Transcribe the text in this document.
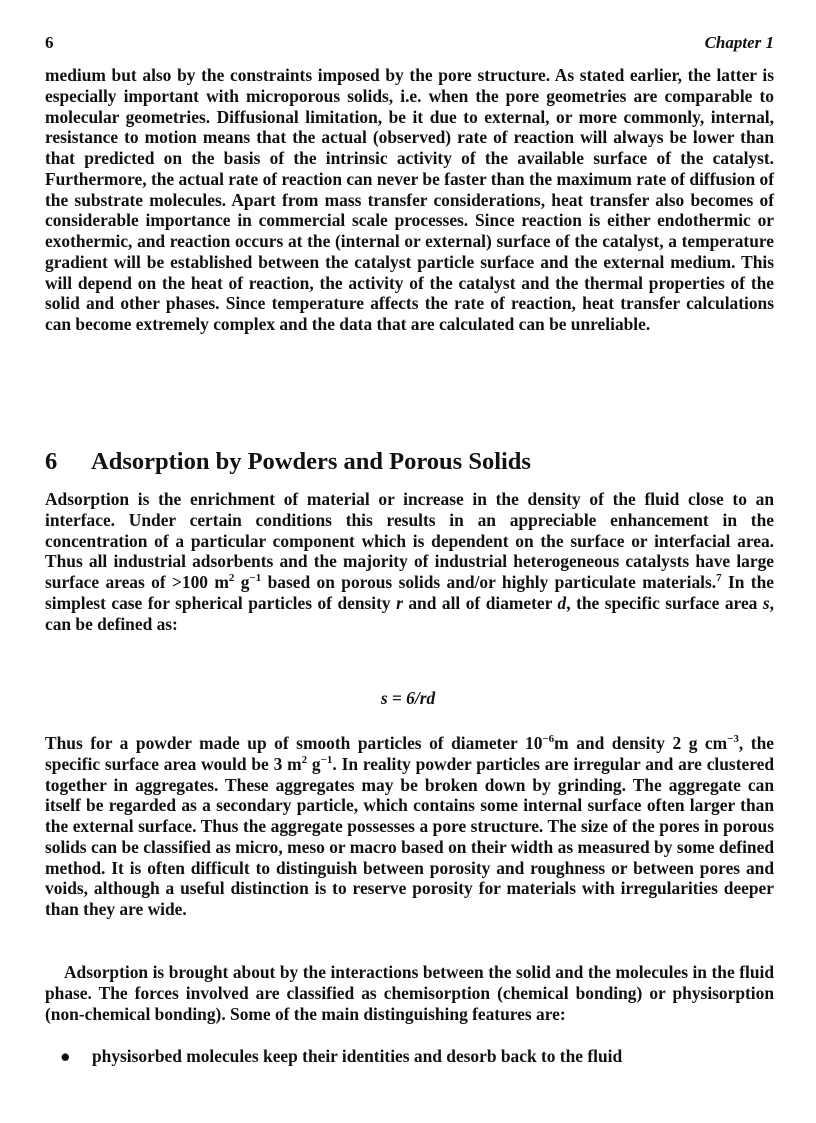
6	Chapter 1

medium but also by the constraints imposed by the pore structure. As stated earlier, the latter is especially important with microporous solids, i.e. when the pore geometries are comparable to molecular geometries. Diffusional limitation, be it due to external, or more commonly, internal, resistance to motion means that the actual (observed) rate of reaction will always be lower than that predicted on the basis of the intrinsic activity of the available surface of the catalyst. Furthermore, the actual rate of reaction can never be faster than the maximum rate of diffusion of the substrate molecules. Apart from mass transfer considerations, heat transfer also becomes of considerable importance in commercial scale processes. Since reaction is either endothermic or exothermic, and reaction occurs at the (internal or external) surface of the catalyst, a temperature gradient will be established between the catalyst particle surface and the external medium. This will depend on the heat of reaction, the activity of the catalyst and the thermal properties of the solid and other phases. Since temperature affects the rate of reaction, heat transfer calculations can become extremely complex and the data that are calculated can be unreliable.

6 Adsorption by Powders and Porous Solids

Adsorption is the enrichment of material or increase in the density of the fluid close to an interface. Under certain conditions this results in an appreciable enhancement in the concentration of a particular component which is dependent on the surface or interfacial area. Thus all industrial adsorbents and the majority of industrial heterogeneous catalysts have large surface areas of >100 $m^2$ $g^{-1}$ based on porous solids and/or highly particulate materials.$^7$ In the simplest case for spherical particles of density r and all of diameter d, the specific surface area s, can be defined as:

s = 6/rd

Thus for a powder made up of smooth particles of diameter $10^{-6}m$ and density 2 g $cm^{-3}$, the specific surface area would be 3 $m^2$ $g^{-1}$. In reality powder particles are irregular and are clustered together in aggregates. These aggregates may be broken down by grinding. The aggregate can itself be regarded as a secondary particle, which contains some internal surface often larger than the external surface. Thus the aggregate possesses a pore structure. The size of the pores in porous solids can be classified as micro, meso or macro based on their width as measured by some defined method. It is often difficult to distinguish between porosity and roughness or between pores and voids, although a useful distinction is to reserve porosity for materials with irregularities deeper than they are wide.

Adsorption is brought about by the interactions between the solid and the molecules in the fluid phase. The forces involved are classified as chemisorption (chemical bonding) or physisorption (non-chemical bonding). Some of the main distinguishing features are:

● physisorbed molecules keep their identities and desorb back to the fluid
